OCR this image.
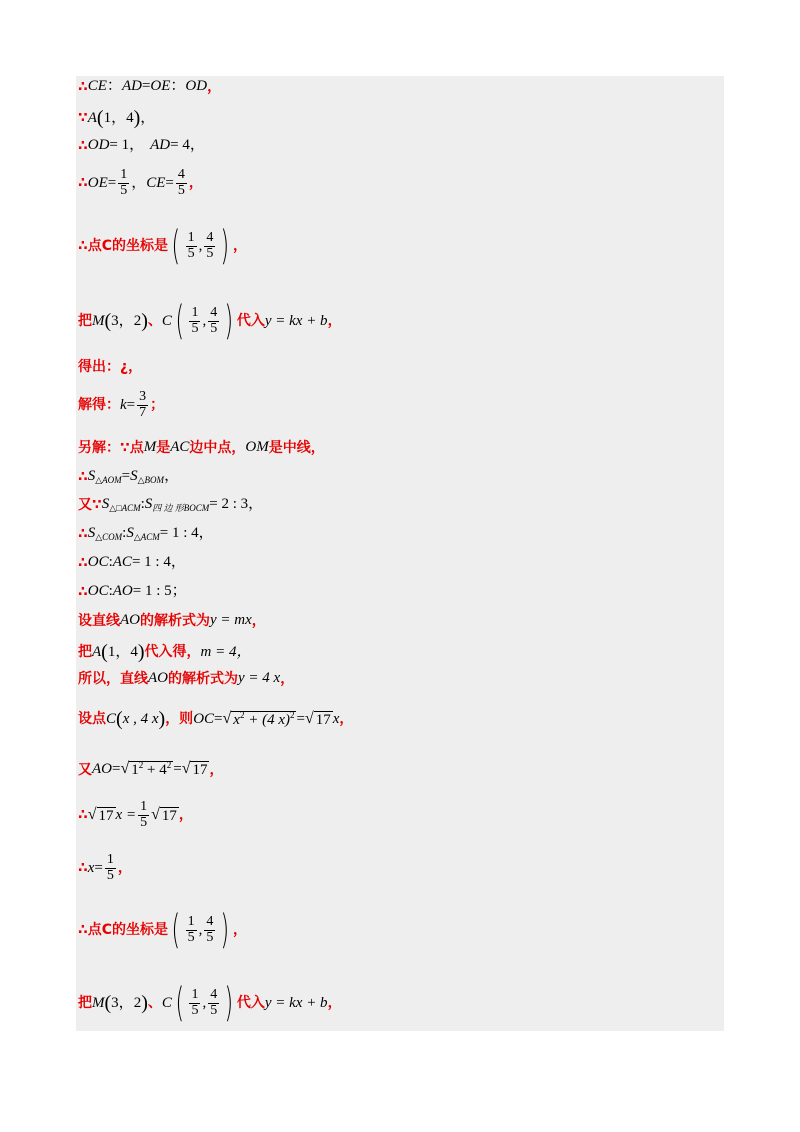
∴ CE ： AD = OE ： OD ，
∵ A ( 1 ， 4 ) ，
∴ OD = 1， AD = 4，
∴ OE = $\frac{1}{5}$ ， CE = $\frac{4}{5}$ ，
∴点C的坐标是 ( $\frac{1}{5}$ , $\frac{4}{5}$ ) ，
把 M ( 3 ， 2 ) 、 C ( $\frac{1}{5}$ , $\frac{4}{5}$ ) 代入 y = kx + b ，
得出： ¿ ，
解得： $k = \frac{3}{7}$ ；
另解：∵点 M 是 AC 边中点， OM 是中线，
∴ S △AOM = S △BOM ，
又∵ S △□ACM : S 四 边 形BOCM = 2 : 3，
∴ S △COM : S △ACM = 1 : 4，
∴ OC : AC = 1 : 4，
∴ OC : AO = 1 : 5；
设直线 AO 的解析式为 y = mx ，
把 A ( 1 ， 4 ) 代入得， m = 4，
所以，直线 AO 的解析式为 y = 4 x ，
设点 C ( x , 4 x ) ，则 OC = √ $x^2 + (4$ x)$^2$ = √ 17 x ，
又 AO = √ $1^2 + 4^2$ = √ 17 ，
∴ √ 17 $x = \frac{1}{5}$ √ 17 ，
∴ $x = \frac{1}{5}$ ，
∴点C的坐标是 ( $\frac{1}{5}$ , $\frac{4}{5}$ ) ，
把 M ( 3 ， 2 ) 、 C ( $\frac{1}{5}$ , $\frac{4}{5}$ ) 代入 y = kx + b ，
